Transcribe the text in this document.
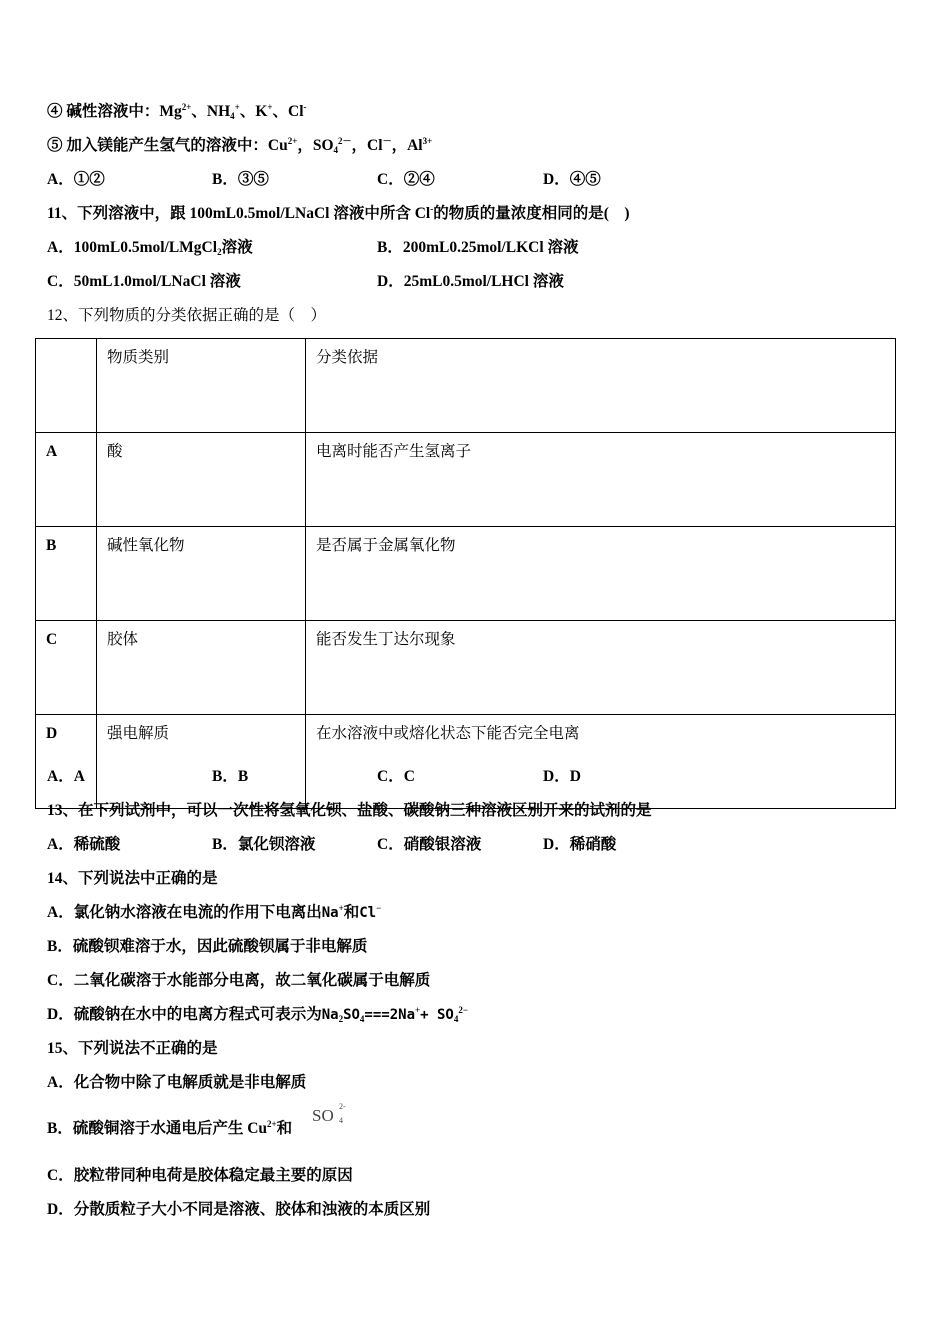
④ 碱性溶液中：$Mg^{2+}$、$NH_4^+$、K+、Cl-
⑤ 加入镁能产生氢气的溶液中：$Cu^{2+}$，$SO_4^{2-}$，Cl－，$Al^{3+}$
A．①②	B．③⑤	C．②④	D．④⑤
11、下列溶液中，跟 100mL0.5mol/LNaCl 溶液中所含 Cl-的物质的量浓度相同的是(　)
A．100mL0.5mol/LMgCl$_2$溶液	B．200mL0.25mol/LKCl 溶液
C．50mL1.0mol/LNaCl 溶液	D．25mL0.5mol/LHCl 溶液
12、下列物质的分类依据正确的是（　）
	物质类别	分类依据
A	酸	电离时能否产生氢离子
B	碱性氧化物	是否属于金属氧化物
C	胶体	能否发生丁达尔现象
D	强电解质	在水溶液中或熔化状态下能否完全电离
A．A	B．B	C．C	D．D
13、在下列试剂中，可以一次性将氢氧化钡、盐酸、碳酸钠三种溶液区别开来的试剂的是
A．稀硫酸	B．氯化钡溶液	C．硝酸银溶液	D．稀硝酸
14、下列说法中正确的是
A．氯化钠水溶液在电流的作用下电离出Na+和Cl−
B．硫酸钡难溶于水，因此硫酸钡属于非电解质
C．二氧化碳溶于水能部分电离，故二氧化碳属于电解质
D．硫酸钠在水中的电离方程式可表示为$Na_2SO_4===2Na^++ SO_4^{2-}$
15、下列说法不正确的是
A．化合物中除了电解质就是非电解质
B．硫酸铜溶于水通电后产生 $Cu^{2+}$和
SO 2-
4
C．胶粒带同种电荷是胶体稳定最主要的原因
D．分散质粒子大小不同是溶液、胶体和浊液的本质区别
